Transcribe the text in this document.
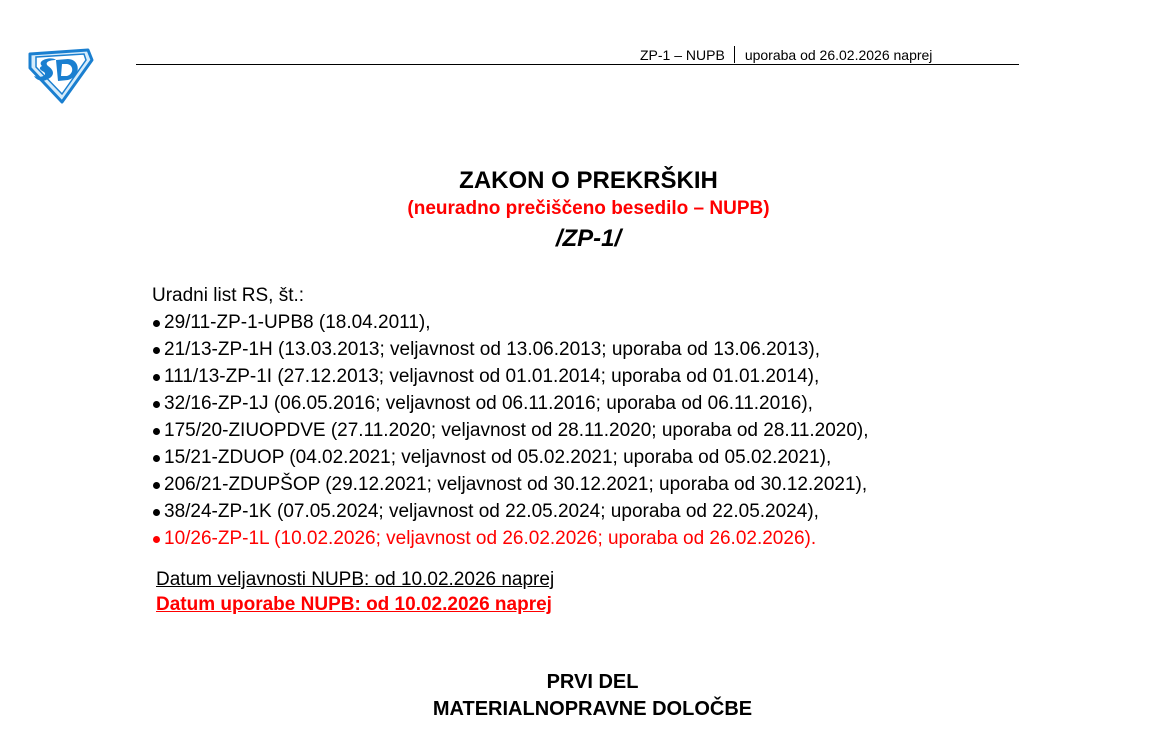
ZP-1 – NUPB uporaba od 26.02.2026 naprej
ZAKON O PREKRŠKIH
(neuradno prečiščeno besedilo – NUPB)
/ZP-1/
Uradni list RS, št.:
29/11-ZP-1-UPB8 (18.04.2011),
21/13-ZP-1H (13.03.2013; veljavnost od 13.06.2013; uporaba od 13.06.2013),
111/13-ZP-1I (27.12.2013; veljavnost od 01.01.2014; uporaba od 01.01.2014),
32/16-ZP-1J (06.05.2016; veljavnost od 06.11.2016; uporaba od 06.11.2016),
175/20-ZIUOPDVE (27.11.2020; veljavnost od 28.11.2020; uporaba od 28.11.2020),
15/21-ZDUOP (04.02.2021; veljavnost od 05.02.2021; uporaba od 05.02.2021),
206/21-ZDUPŠOP (29.12.2021; veljavnost od 30.12.2021; uporaba od 30.12.2021),
38/24-ZP-1K (07.05.2024; veljavnost od 22.05.2024; uporaba od 22.05.2024),
10/26-ZP-1L (10.02.2026; veljavnost od 26.02.2026; uporaba od 26.02.2026).
Datum veljavnosti NUPB: od 10.02.2026 naprej
Datum uporabe NUPB: od 10.02.2026 naprej
PRVI DEL
MATERIALNOPRAVNE DOLOČBE
